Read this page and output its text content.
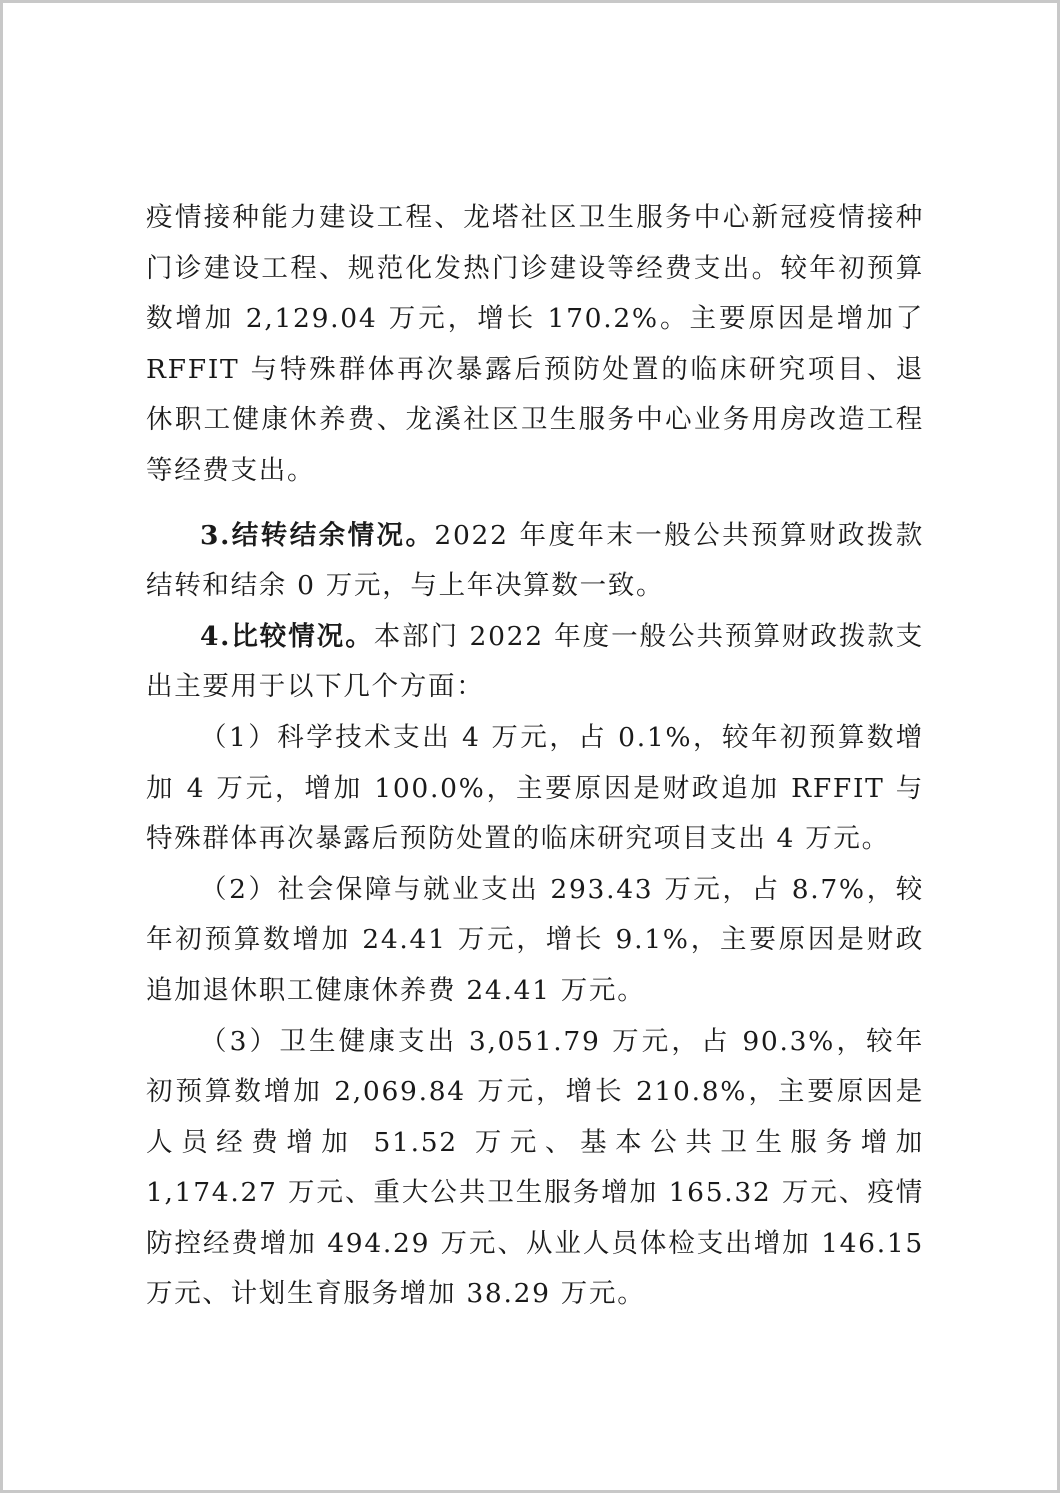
疫情接种能力建设工程、龙塔社区卫生服务中心新冠疫情接种门诊建设工程、规范化发热门诊建设等经费支出。较年初预算数增加 2,129.04 万元，增长 170.2%。主要原因是增加了 RFFIT 与特殊群体再次暴露后预防处置的临床研究项目、退休职工健康休养费、龙溪社区卫生服务中心业务用房改造工程等经费支出。

3.结转结余情况。2022 年度年末一般公共预算财政拨款结转和结余 0 万元，与上年决算数一致。

4.比较情况。本部门 2022 年度一般公共预算财政拨款支出主要用于以下几个方面：

（1）科学技术支出 4 万元，占 0.1%，较年初预算数增加 4 万元，增加 100.0%，主要原因是财政追加 RFFIT 与特殊群体再次暴露后预防处置的临床研究项目支出 4 万元。

（2）社会保障与就业支出 293.43 万元，占 8.7%，较年初预算数增加 24.41 万元，增长 9.1%，主要原因是财政追加退休职工健康休养费 24.41 万元。

（3）卫生健康支出 3,051.79 万元，占 90.3%，较年初预算数增加 2,069.84 万元，增长 210.8%，主要原因是人员经费增加 51.52 万元、基本公共卫生服务增加 1,174.27 万元、重大公共卫生服务增加 165.32 万元、疫情防控经费增加 494.29 万元、从业人员体检支出增加 146.15 万元、计划生育服务增加 38.29 万元。
